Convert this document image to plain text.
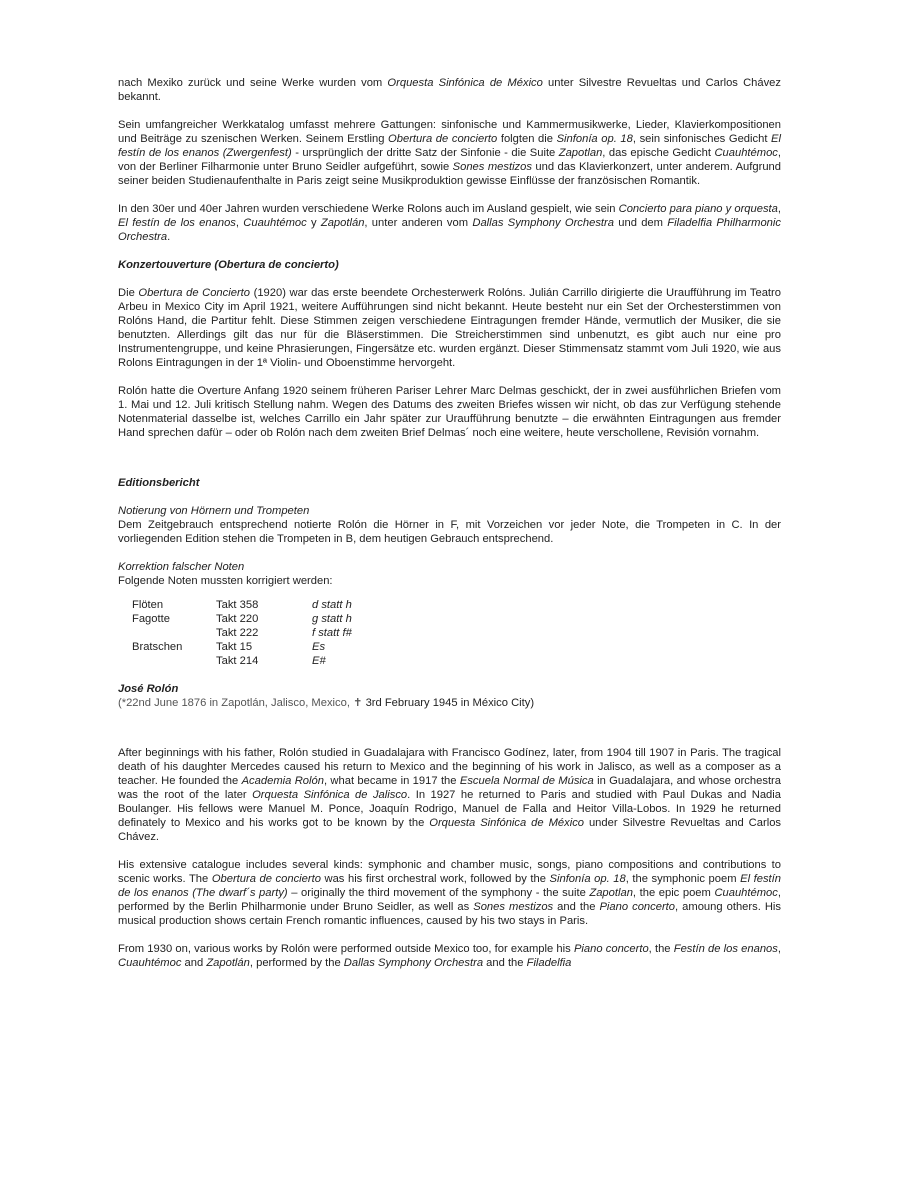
nach Mexiko zurück und seine Werke wurden vom Orquesta Sinfónica de México unter Silvestre Revueltas und Carlos Chávez bekannt.

Sein umfangreicher Werkkatalog umfasst mehrere Gattungen: sinfonische und Kammermusikwerke, Lieder, Klavierkompositionen und Beiträge zu szenischen Werken. Seinem Erstling Obertura de concierto folgten die Sinfonía op. 18, sein sinfonisches Gedicht El festín de los enanos (Zwergenfest) - ursprünglich der dritte Satz der Sinfonie - die Suite Zapotlan, das epische Gedicht Cuauhtémoc, von der Berliner Filharmonie unter Bruno Seidler aufgeführt, sowie Sones mestizos und das Klavierkonzert, unter anderem. Aufgrund seiner beiden Studienaufenthalte in Paris zeigt seine Musikproduktion gewisse Einflüsse der französischen Romantik.

In den 30er und 40er Jahren wurden verschiedene Werke Rolons auch im Ausland gespielt, wie sein Concierto para piano y orquesta, El festín de los enanos, Cuauhtémoc y Zapotlán, unter anderen vom Dallas Symphony Orchestra und dem Filadelfia Philharmonic Orchestra.

Konzertouverture (Obertura de concierto)

Die Obertura de Concierto (1920) war das erste beendete Orchesterwerk Rolóns. Julián Carrillo dirigierte die Uraufführung im Teatro Arbeu in Mexico City im April 1921, weitere Aufführungen sind nicht bekannt. Heute besteht nur ein Set der Orchesterstimmen von Rolóns Hand, die Partitur fehlt. Diese Stimmen zeigen verschiedene Eintragungen fremder Hände, vermutlich der Musiker, die sie benutzten. Allerdings gilt das nur für die Bläserstimmen. Die Streicherstimmen sind unbenutzt, es gibt auch nur eine pro Instrumentengruppe, und keine Phrasierungen, Fingersätze etc. wurden ergänzt. Dieser Stimmensatz stammt vom Juli 1920, wie aus Rolons Eintragungen in der 1ª Violin- und Oboenstimme hervorgeht.

Rolón hatte die Overture Anfang 1920 seinem früheren Pariser Lehrer Marc Delmas geschickt, der in zwei ausführlichen Briefen vom 1. Mai und 12. Juli kritisch Stellung nahm. Wegen des Datums des zweiten Briefes wissen wir nicht, ob das zur Verfügung stehende Notenmaterial dasselbe ist, welches Carrillo ein Jahr später zur Uraufführung benutzte – die erwähnten Eintragungen aus fremder Hand sprechen dafür – oder ob Rolón nach dem zweiten Brief Delmas´ noch eine weitere, heute verschollene, Revisión vornahm.

Editionsbericht

Notierung von Hörnern und Trompeten

Dem Zeitgebrauch entsprechend notierte Rolón die Hörner in F, mit Vorzeichen vor jeder Note, die Trompeten in C. In der vorliegenden Edition stehen die Trompeten in B, dem heutigen Gebrauch entsprechend.

Korrektion falscher Noten

Folgende Noten mussten korrigiert werden:

Flöten	Takt 358	d statt h
Fagotte	Takt 220	g statt h
	Takt 222	f statt f#
Bratschen	Takt 15	Es
	Takt 214	E#

José Rolón

(*22nd June 1876 in Zapotlán, Jalisco, Mexico, ✝ 3rd February 1945 in México City)

After beginnings with his father, Rolón studied in Guadalajara with Francisco Godínez, later, from 1904 till 1907 in Paris. The tragical death of his daughter Mercedes caused his return to Mexico and the beginning of his work in Jalisco, as well as a composer as a teacher. He founded the Academia Rolón, what became in 1917 the Escuela Normal de Música in Guadalajara, and whose orchestra was the root of the later Orquesta Sinfónica de Jalisco. In 1927 he returned to Paris and studied with Paul Dukas and Nadia Boulanger. His fellows were Manuel M. Ponce, Joaquín Rodrigo, Manuel de Falla and Heitor Villa-Lobos. In 1929 he returned definately to Mexico and his works got to be known by the Orquesta Sinfónica de México under Silvestre Revueltas and Carlos Chávez.

His extensive catalogue includes several kinds: symphonic and chamber music, songs, piano compositions and contributions to scenic works. The Obertura de concierto was his first orchestral work, followed by the Sinfonía op. 18, the symphonic poem El festín de los enanos (The dwarf´s party) – originally the third movement of the symphony - the suite Zapotlan, the epic poem Cuauhtémoc, performed by the Berlin Philharmonie under Bruno Seidler, as well as Sones mestizos and the Piano concerto, amoung others. His musical production shows certain French romantic influences, caused by his two stays in Paris.

From 1930 on, various works by Rolón were performed outside Mexico too, for example his Piano concerto, the Festín de los enanos, Cuauhtémoc and Zapotlán, performed by the Dallas Symphony Orchestra and the Filadelfia
